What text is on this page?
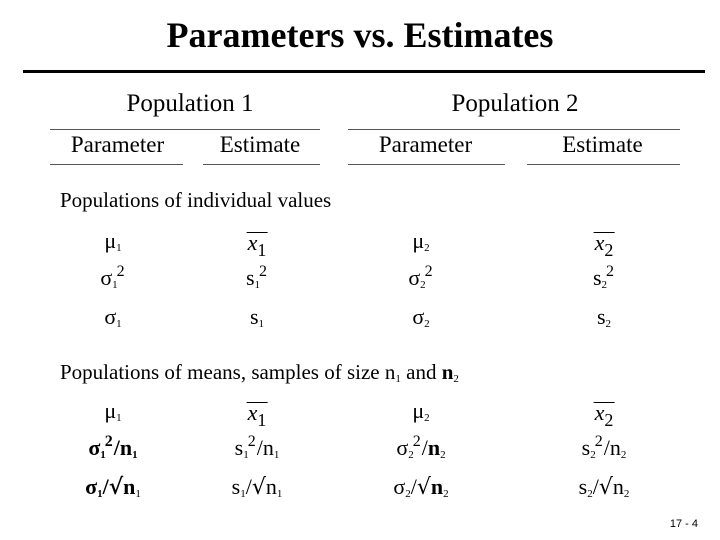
Parameters vs. Estimates
Population 1	Population 2
Parameter	Estimate	Parameter	Estimate
Populations of individual values
$\mu_1$	$x_1$	$\mu_2$	$x_2$
$\sigma_1^2$	$s_1^2$	$\sigma_2^2$	$s_2^2$
$\sigma_1$	$s_1$	$\sigma_2$	$s_2$
Populations of means, samples of size $n_1$ and $n_2$
$\mu_1$	$x_1$	$\mu_2$	$x_2$
$\sigma_1^2/n_1$	$s_1^2/n_1$	$\sigma_2^2/n_2$	$s_2^2/n_2$
$\sigma_1/√n_1$	$s_1/√n_1$	$\sigma_2/√n_2$	$s_2/√n_2$
17 - 4
